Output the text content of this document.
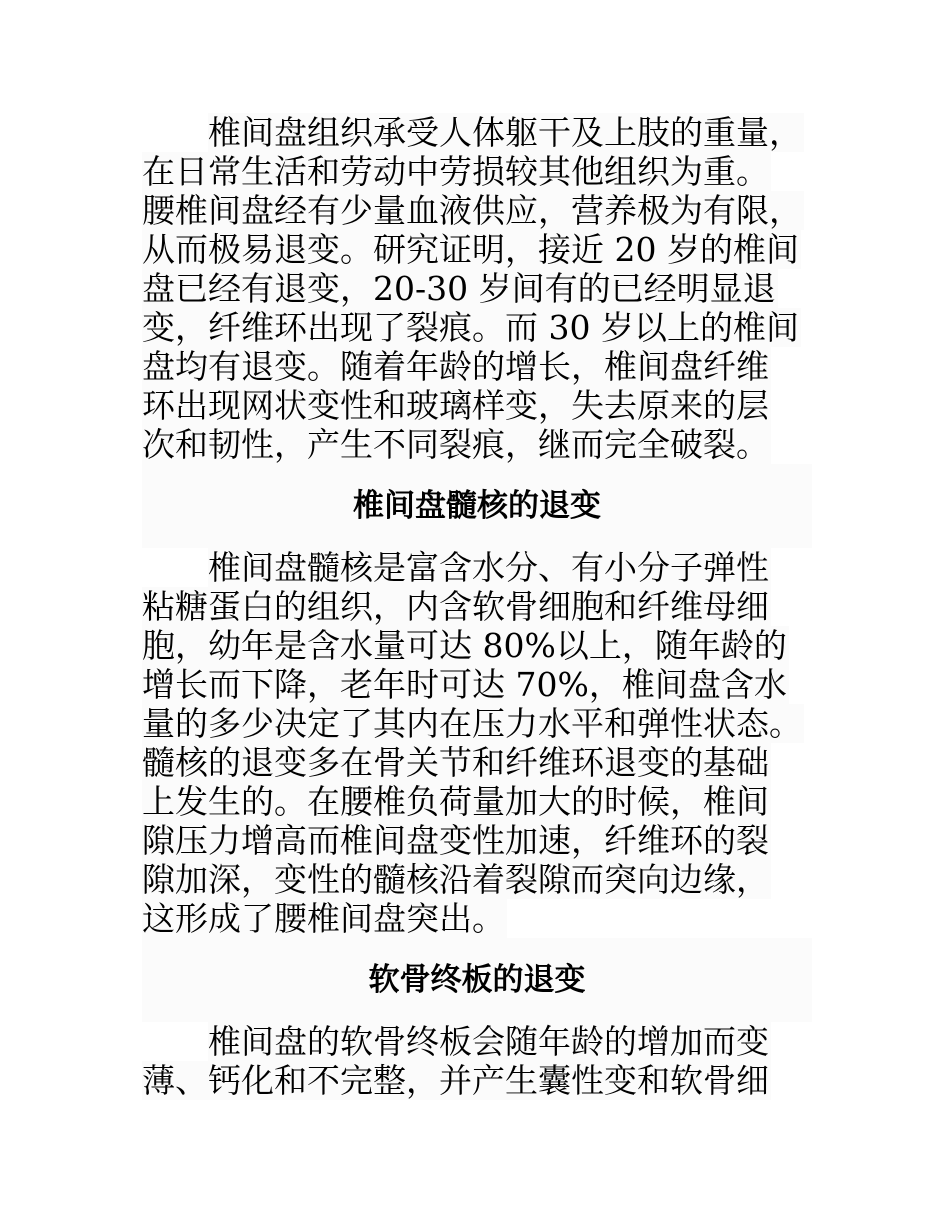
椎间盘组织承受人体躯干及上肢的重量，
在日常生活和劳动中劳损较其他组织为重。
腰椎间盘经有少量血液供应，营养极为有限，
从而极易退变。研究证明，接近 20 岁的椎间
盘已经有退变，20-30 岁间有的已经明显退
变，纤维环出现了裂痕。而 30 岁以上的椎间
盘均有退变。随着年龄的增长，椎间盘纤维
环出现网状变性和玻璃样变，失去原来的层
次和韧性，产生不同裂痕，继而完全破裂。
椎间盘髓核的退变
椎间盘髓核是富含水分、有小分子弹性
粘糖蛋白的组织，内含软骨细胞和纤维母细
胞，幼年是含水量可达 80%以上，随年龄的
增长而下降，老年时可达 70%，椎间盘含水
量的多少决定了其内在压力水平和弹性状态。
髓核的退变多在骨关节和纤维环退变的基础
上发生的。在腰椎负荷量加大的时候，椎间
隙压力增高而椎间盘变性加速，纤维环的裂
隙加深，变性的髓核沿着裂隙而突向边缘，
这形成了腰椎间盘突出。
软骨终板的退变
椎间盘的软骨终板会随年龄的增加而变
薄、钙化和不完整，并产生囊性变和软骨细
